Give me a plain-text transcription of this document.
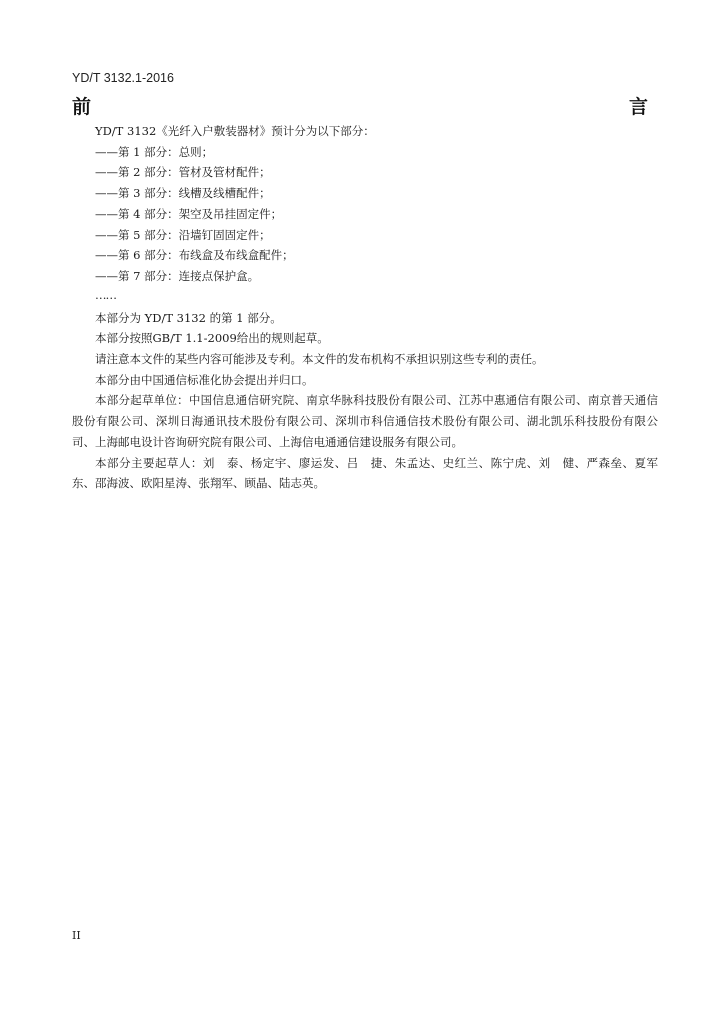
YD/T 3132.1-2016
前	言

YD/T 3132《光纤入户敷装器材》预计分为以下部分：

——第 1 部分：总则；

——第 2 部分：管材及管材配件；

——第 3 部分：线槽及线槽配件；

——第 4 部分：架空及吊挂固定件；

——第 5 部分：沿墙钉固固定件；

——第 6 部分：布线盒及布线盒配件；

——第 7 部分：连接点保护盒。

……

本部分为 YD/T 3132 的第 1 部分。

本部分按照GB/T 1.1-2009给出的规则起草。

请注意本文件的某些内容可能涉及专利。本文件的发布机构不承担识别这些专利的责任。

本部分由中国通信标准化协会提出并归口。

本部分起草单位：中国信息通信研究院、南京华脉科技股份有限公司、江苏中惠通信有限公司、南京普天通信股份有限公司、深圳日海通讯技术股份有限公司、深圳市科信通信技术股份有限公司、湖北凯乐科技股份有限公司、上海邮电设计咨询研究院有限公司、上海信电通通信建设服务有限公司。

本部分主要起草人：刘　泰、杨定宇、廖运发、吕　捷、朱孟达、史红兰、陈宁虎、刘　健、严森垒、夏军东、邵海波、欧阳星涛、张翔军、顾晶、陆志英。

II
